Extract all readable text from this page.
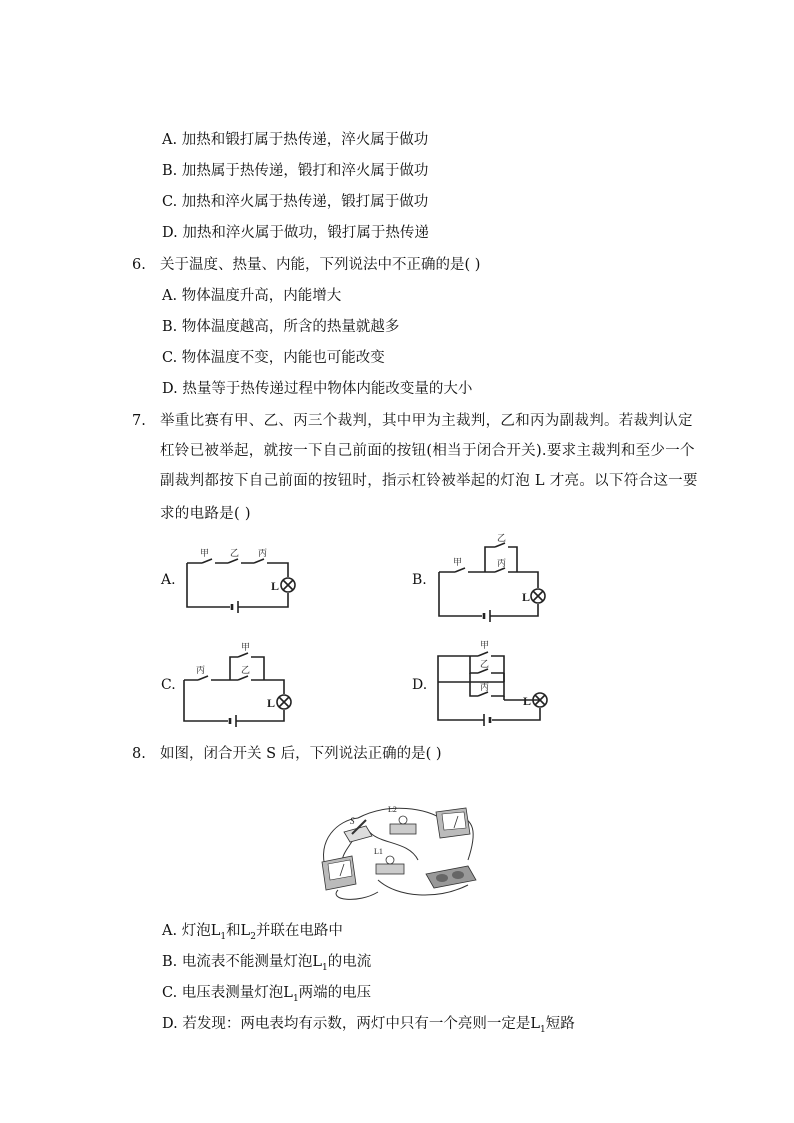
A. 加热和锻打属于热传递，淬火属于做功
B. 加热属于热传递，锻打和淬火属于做功
C. 加热和淬火属于热传递，锻打属于做功
D. 加热和淬火属于做功，锻打属于热传递
6. 关于温度、热量、内能，下列说法中不正确的是( )
A. 物体温度升高，内能增大
B. 物体温度越高，所含的热量就越多
C. 物体温度不变，内能也可能改变
D. 热量等于热传递过程中物体内能改变量的大小
7. 举重比赛有甲、乙、丙三个裁判，其中甲为主裁判，乙和丙为副裁判。若裁判认定
杠铃已被举起，就按一下自己前面的按钮(相当于闭合开关).要求主裁判和至少一个
副裁判都按下自己前面的按钮时，指示杠铃被举起的灯泡 L 才亮。以下符合这一要
求的电路是( )
A.
甲 乙 丙
L	B.
甲
乙
丙
L
C.
丙
甲
乙
L
D.
甲
乙
丙
L
8. 如图，闭合开关 S 后，下列说法正确的是( )
S
L2
L1
A. 灯泡$L_1$和$L_2$并联在电路中
B. 电流表不能测量灯泡$L_1$的电流
C. 电压表测量灯泡$L_1$两端的电压
D. 若发现：两电表均有示数，两灯中只有一个亮则一定是$L_1$短路
